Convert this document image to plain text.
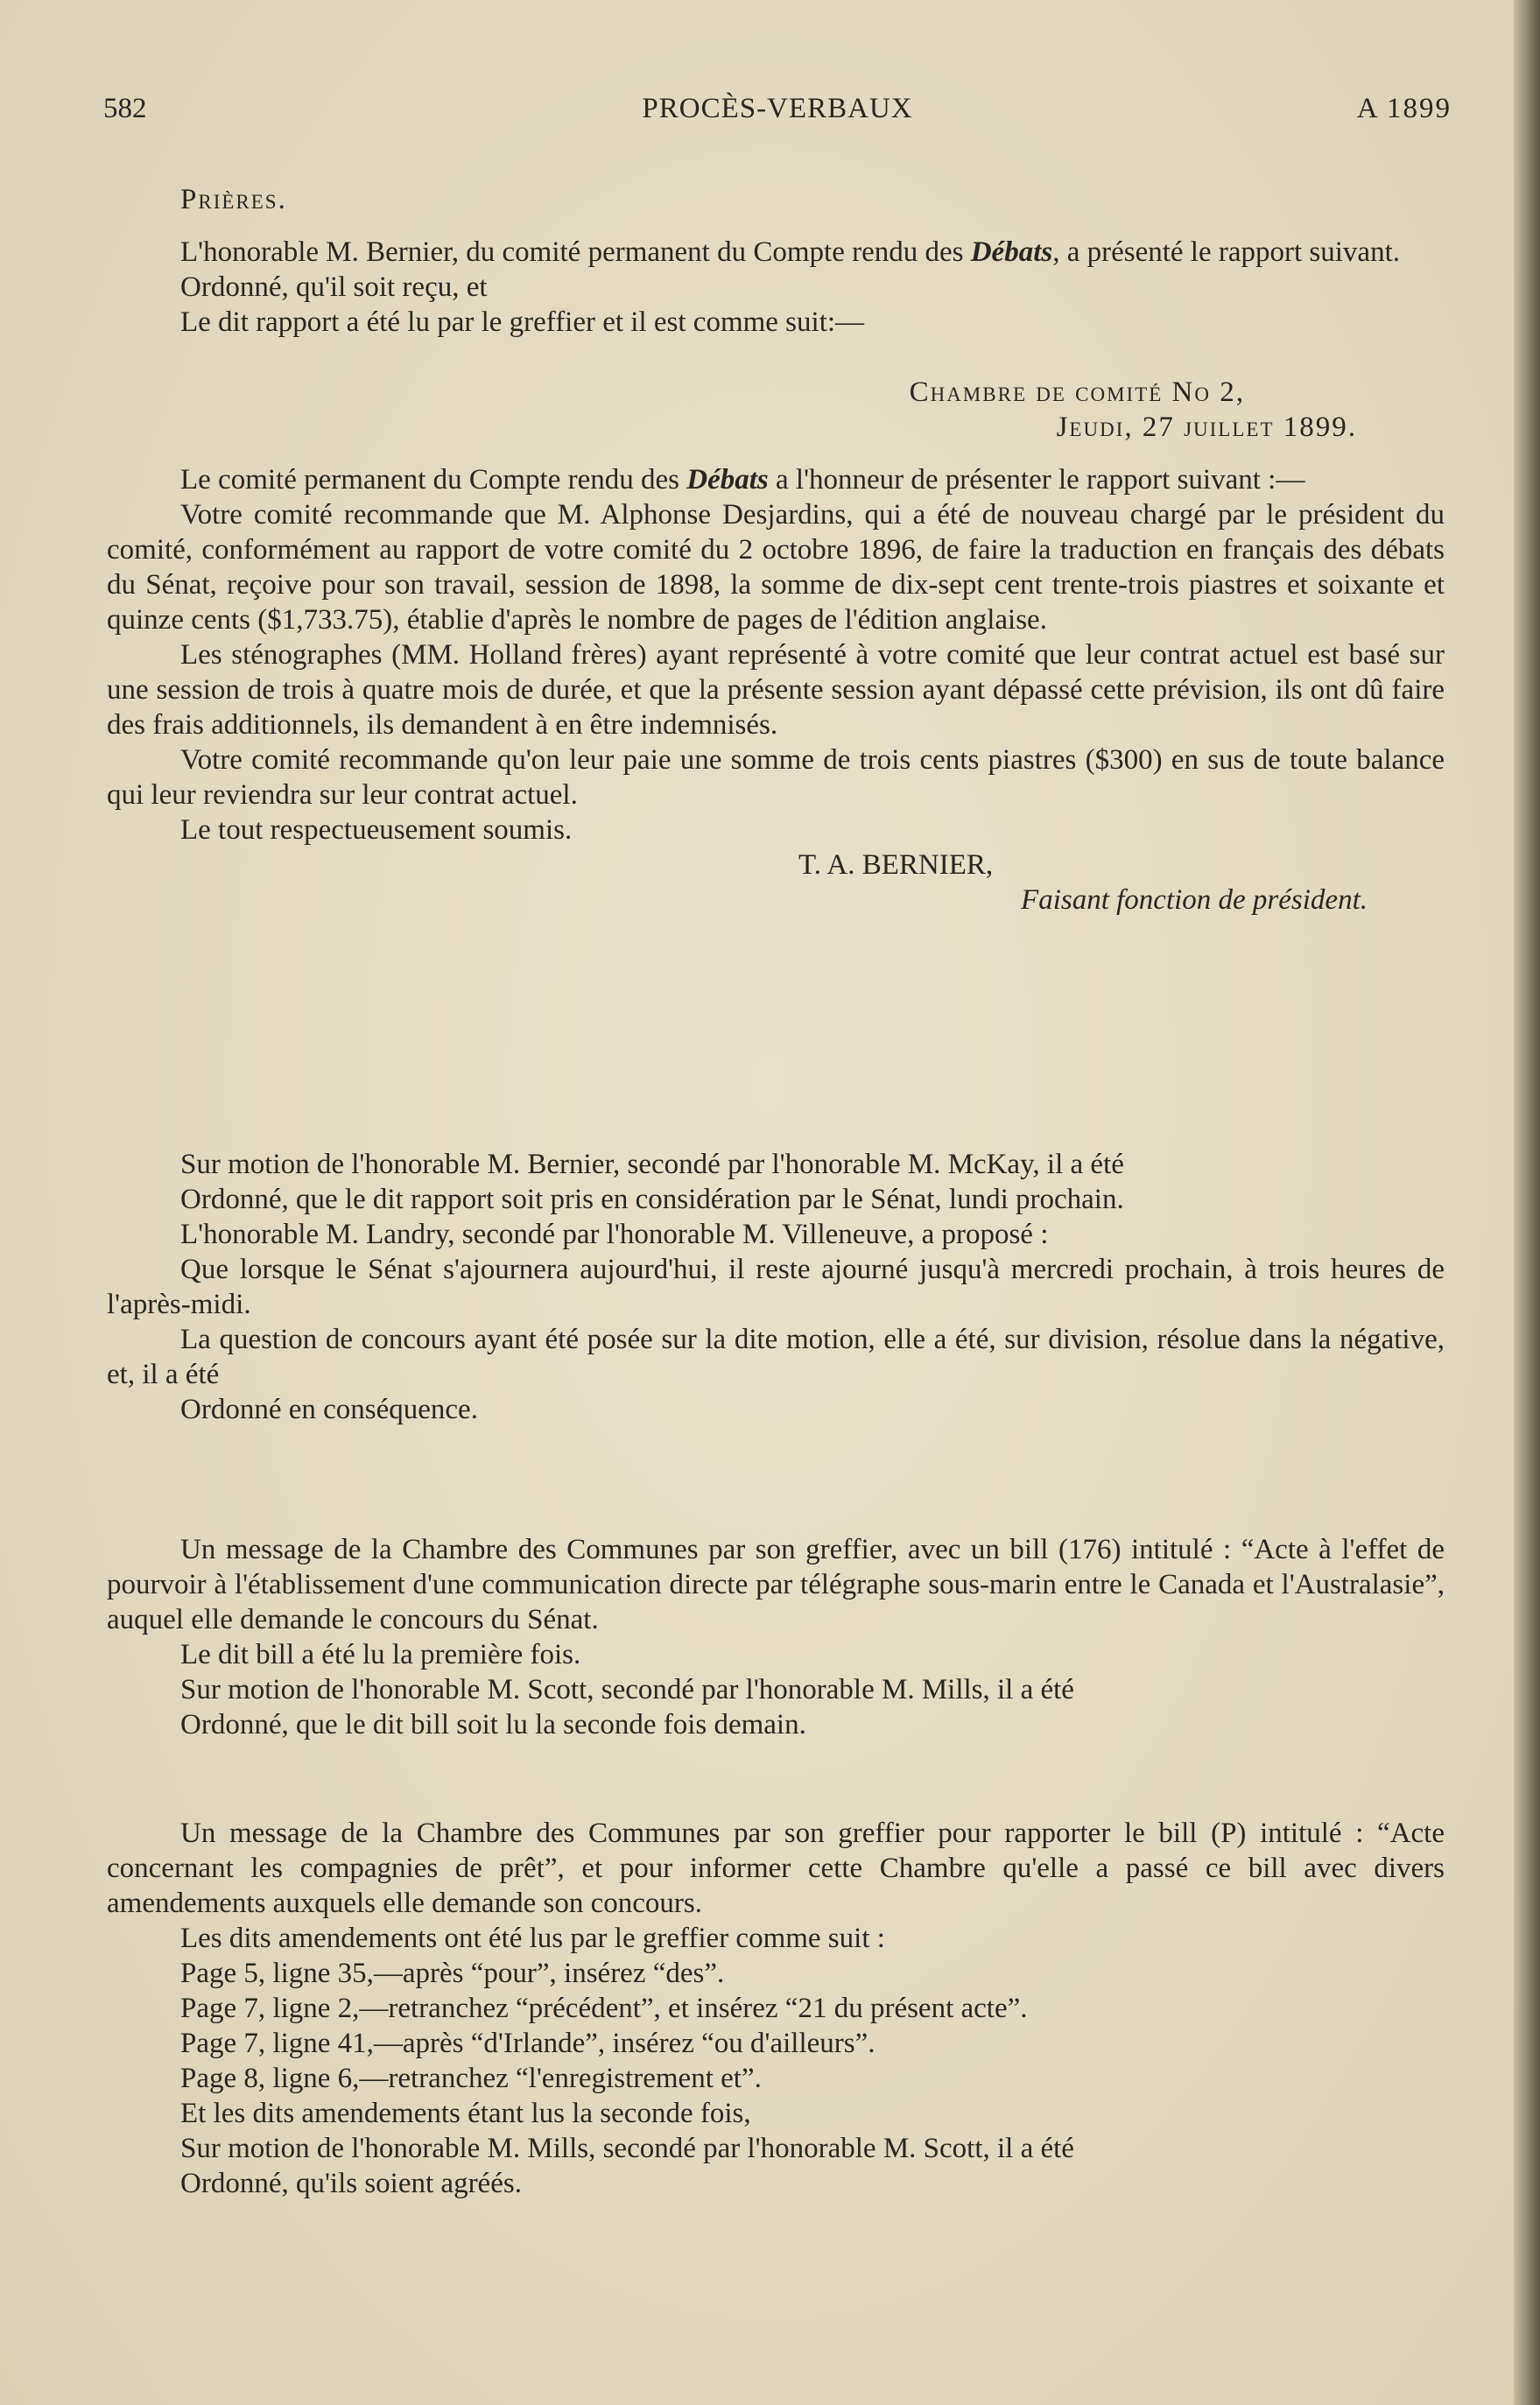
582	PROCÈS-VERBAUX	A 1899

Prières.

L'honorable M. Bernier, du comité permanent du Compte rendu des Débats, a présenté le rapport suivant.

Ordonné, qu'il soit reçu, et

Le dit rapport a été lu par le greffier et il est comme suit:—

Chambre de comité No 2,

Jeudi, 27 juillet 1899.

Le comité permanent du Compte rendu des Débats a l'honneur de présenter le rapport suivant :—

Votre comité recommande que M. Alphonse Desjardins, qui a été de nouveau chargé par le président du comité, conformément au rapport de votre comité du 2 octobre 1896, de faire la traduction en français des débats du Sénat, reçoive pour son travail, session de 1898, la somme de dix-sept cent trente-trois piastres et soixante et quinze cents ($1,733.75), établie d'après le nombre de pages de l'édition anglaise.

Les sténographes (MM. Holland frères) ayant représenté à votre comité que leur contrat actuel est basé sur une session de trois à quatre mois de durée, et que la présente session ayant dépassé cette prévision, ils ont dû faire des frais additionnels, ils demandent à en être indemnisés.

Votre comité recommande qu'on leur paie une somme de trois cents piastres ($300) en sus de toute balance qui leur reviendra sur leur contrat actuel.

Le tout respectueusement soumis.

T. A. BERNIER,

Faisant fonction de président.

Sur motion de l'honorable M. Bernier, secondé par l'honorable M. McKay, il a été

Ordonné, que le dit rapport soit pris en considération par le Sénat, lundi prochain.

L'honorable M. Landry, secondé par l'honorable M. Villeneuve, a proposé :

Que lorsque le Sénat s'ajournera aujourd'hui, il reste ajourné jusqu'à mercredi prochain, à trois heures de l'après-midi.

La question de concours ayant été posée sur la dite motion, elle a été, sur division, résolue dans la négative, et, il a été

Ordonné en conséquence.

Un message de la Chambre des Communes par son greffier, avec un bill (176) intitulé : “Acte à l'effet de pourvoir à l'établissement d'une communication directe par télégraphe sous-marin entre le Canada et l'Australasie”, auquel elle demande le concours du Sénat.

Le dit bill a été lu la première fois.

Sur motion de l'honorable M. Scott, secondé par l'honorable M. Mills, il a été

Ordonné, que le dit bill soit lu la seconde fois demain.

Un message de la Chambre des Communes par son greffier pour rapporter le bill (P) intitulé : “Acte concernant les compagnies de prêt”, et pour informer cette Chambre qu'elle a passé ce bill avec divers amendements auxquels elle demande son concours.

Les dits amendements ont été lus par le greffier comme suit :

Page 5, ligne 35,—après “pour”, insérez “des”.

Page 7, ligne 2,—retranchez “précédent”, et insérez “21 du présent acte”.

Page 7, ligne 41,—après “d'Irlande”, insérez “ou d'ailleurs”.

Page 8, ligne 6,—retranchez “l'enregistrement et”.

Et les dits amendements étant lus la seconde fois,

Sur motion de l'honorable M. Mills, secondé par l'honorable M. Scott, il a été

Ordonné, qu'ils soient agréés.
